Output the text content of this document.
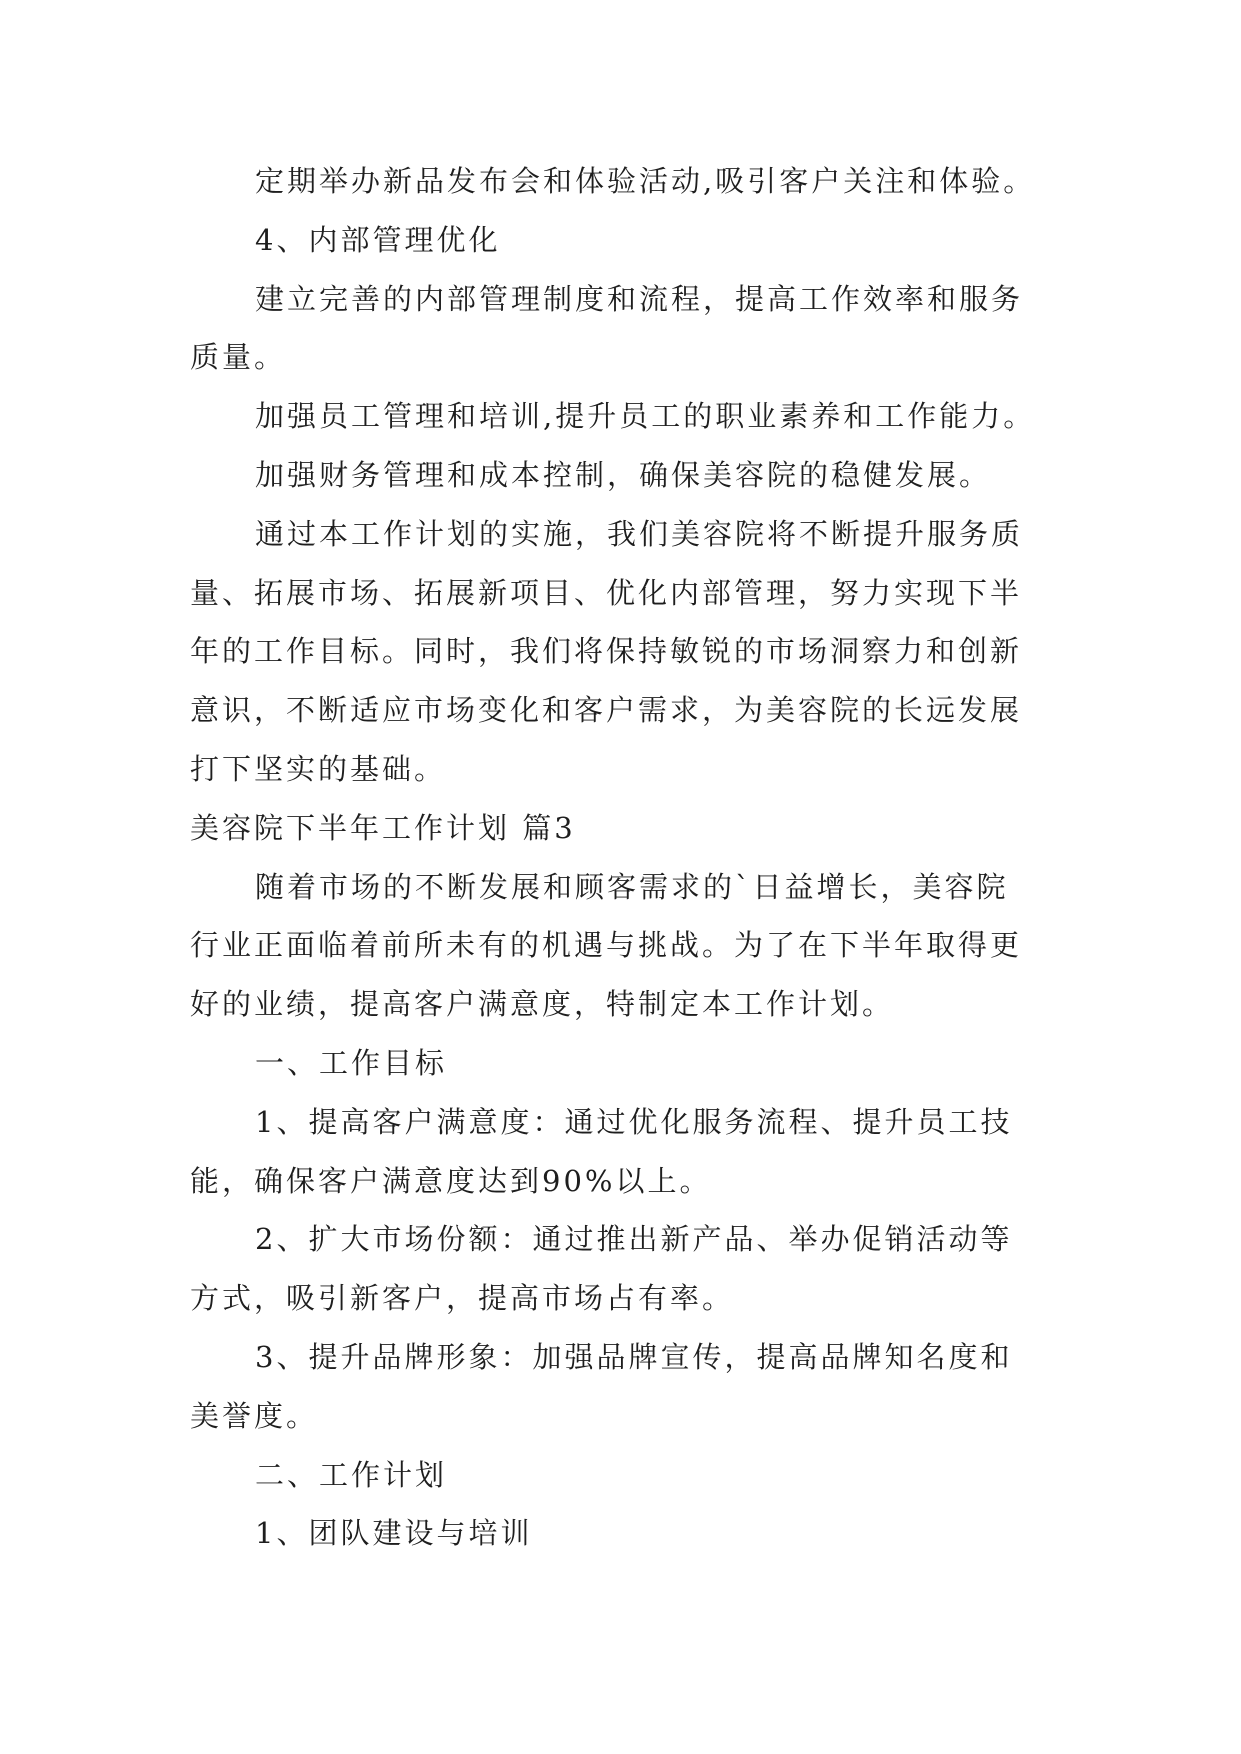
定期举办新品发布会和体验活动,吸引客户关注和体验。

4、内部管理优化

建立完善的内部管理制度和流程，提高工作效率和服务

质量。

加强员工管理和培训,提升员工的职业素养和工作能力。

加强财务管理和成本控制，确保美容院的稳健发展。

通过本工作计划的实施，我们美容院将不断提升服务质

量、拓展市场、拓展新项目、优化内部管理，努力实现下半

年的工作目标。同时，我们将保持敏锐的市场洞察力和创新

意识，不断适应市场变化和客户需求，为美容院的长远发展

打下坚实的基础。

美容院下半年工作计划 篇3

随着市场的不断发展和顾客需求的`日益增长，美容院

行业正面临着前所未有的机遇与挑战。为了在下半年取得更

好的业绩，提高客户满意度，特制定本工作计划。

一、工作目标

1、提高客户满意度：通过优化服务流程、提升员工技

能，确保客户满意度达到90%以上。

2、扩大市场份额：通过推出新产品、举办促销活动等

方式，吸引新客户，提高市场占有率。

3、提升品牌形象：加强品牌宣传，提高品牌知名度和

美誉度。

二、工作计划

1、团队建设与培训
